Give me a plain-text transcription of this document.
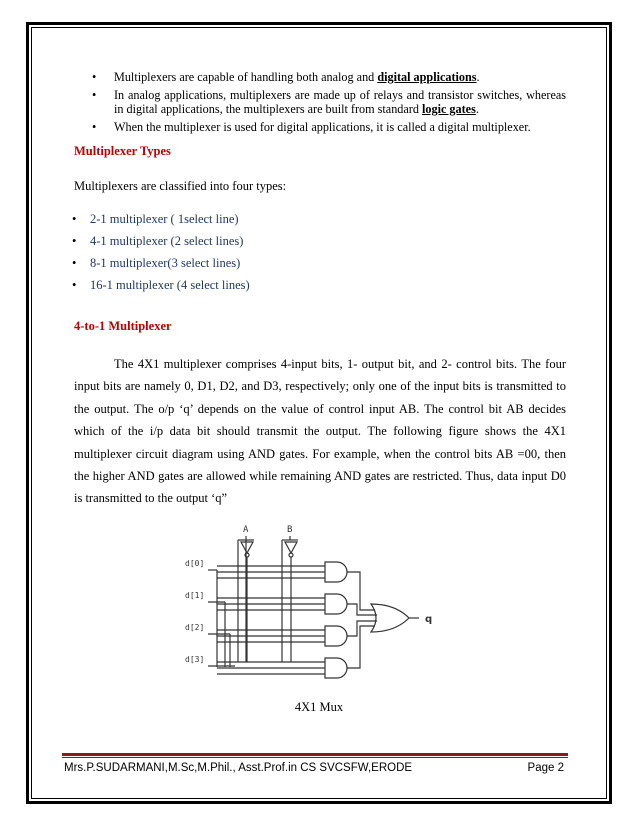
• Multiplexers are capable of handling both analog and digital applications.
• In analog applications, multiplexers are made up of relays and transistor switches, whereas in digital applications, the multiplexers are built from standard logic gates.
• When the multiplexer is used for digital applications, it is called a digital multiplexer.

Multiplexer Types

Multiplexers are classified into four types:

• 2-1 multiplexer ( 1select line)
• 4-1 multiplexer (2 select lines)
• 8-1 multiplexer(3 select lines)
• 16-1 multiplexer (4 select lines)

4-to-1 Multiplexer

The 4X1 multiplexer comprises 4-input bits, 1- output bit, and 2- control bits. The four input bits are namely 0, D1, D2, and D3, respectively; only one of the input bits is transmitted to the output. The o/p ‘q’ depends on the value of control input AB. The control bit AB decides which of the i/p data bit should transmit the output. The following figure shows the 4X1 multiplexer circuit diagram using AND gates. For example, when the control bits AB =00, then the higher AND gates are allowed while remaining AND gates are restricted. Thus, data input D0 is transmitted to the output ‘q”

A	B
d[0]
d[1]
d[2]
d[3]
q
4X1 Mux
Mrs.P.SUDARMANI,M.Sc,M.Phil., Asst.Prof.in CS SVCSFW,ERODE	Page 2
